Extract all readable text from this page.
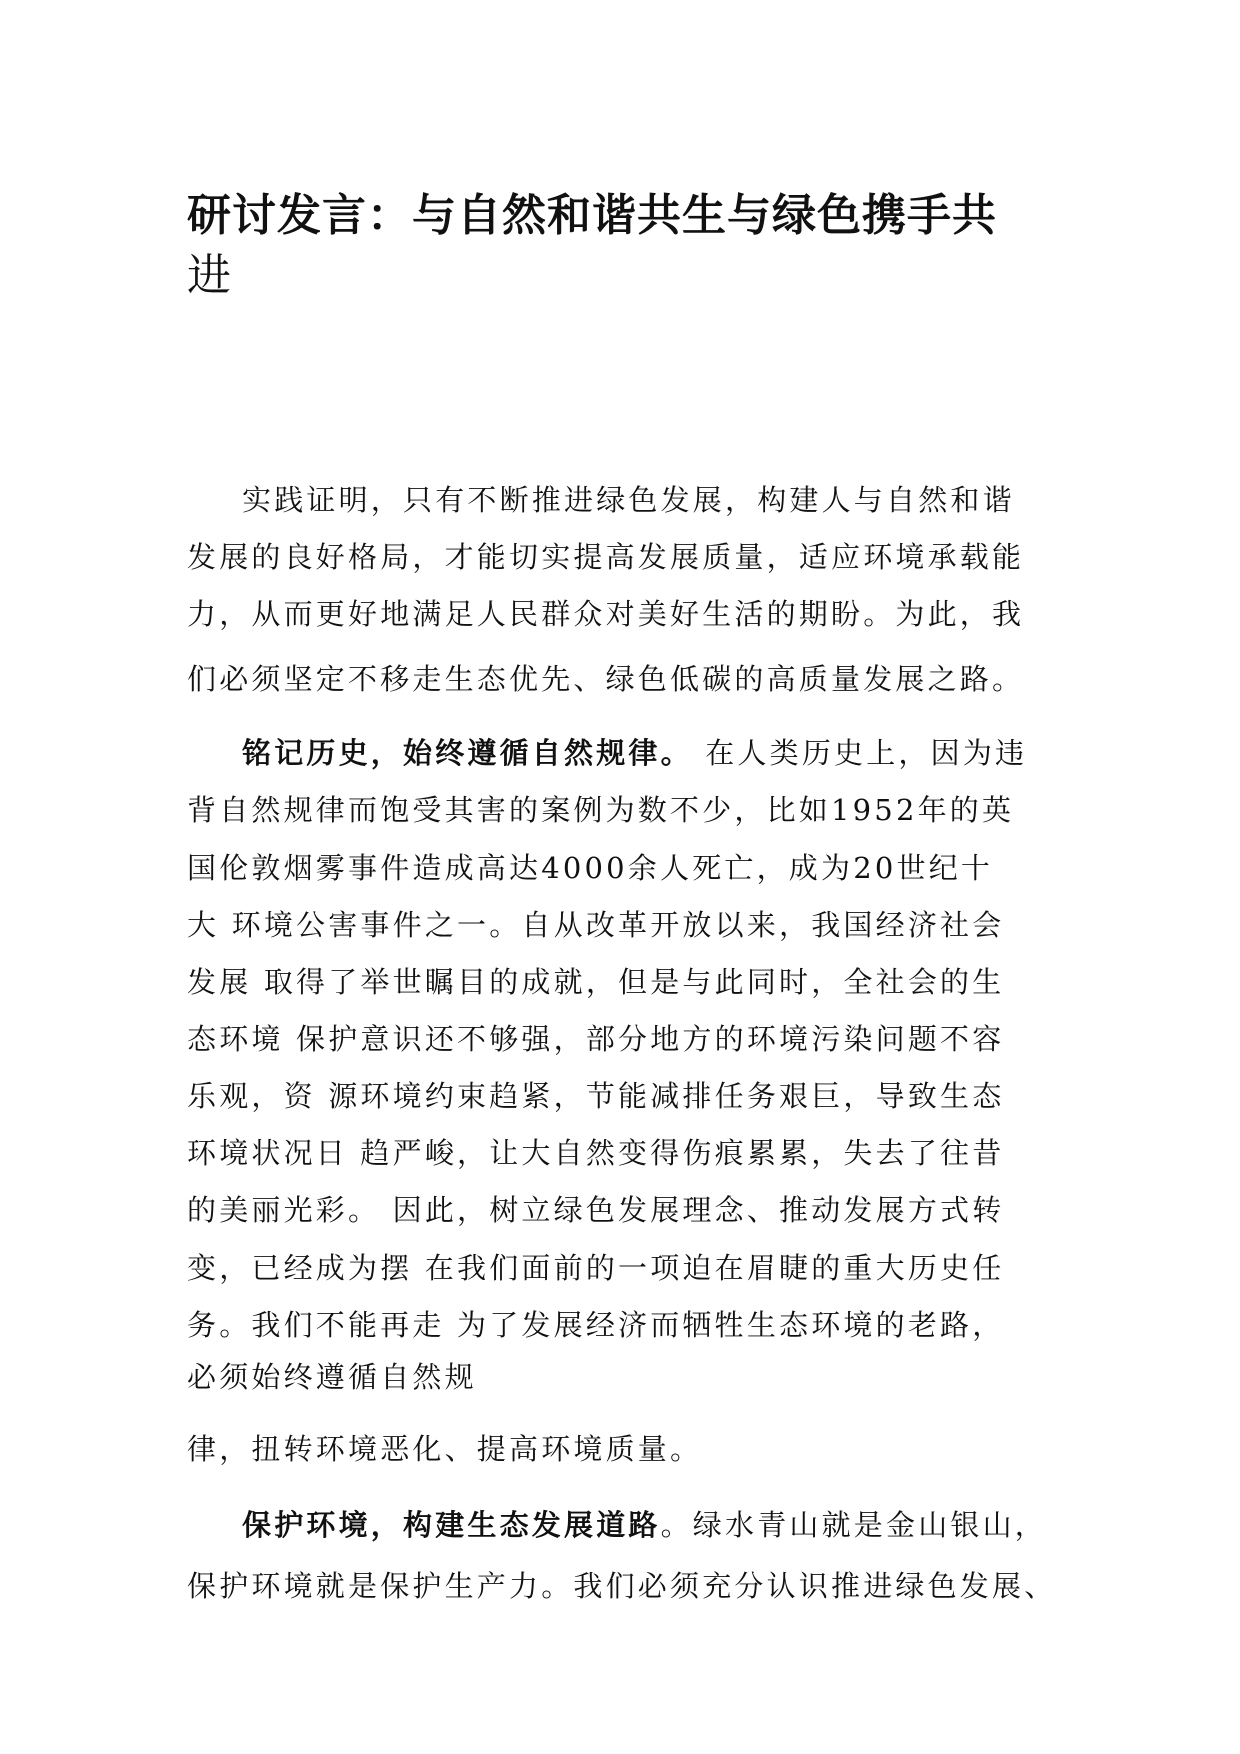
研讨发言：与自然和谐共生与绿色携手共
进
实践证明，只有不断推进绿色发展，构建人与自然和谐
发展的良好格局，才能切实提高发展质量，适应环境承载能
力，从而更好地满足人民群众对美好生活的期盼。为此，我
们必须坚定不移走生态优先、绿色低碳的高质量发展之路。
铭记历史，始终遵循自然规律。 在人类历史上，因为违
背自然规律而饱受其害的案例为数不少，比如1952年的英
国伦敦烟雾事件造成高达4000余人死亡，成为20世纪十
大 环境公害事件之一。自从改革开放以来，我国经济社会
发展 取得了举世瞩目的成就，但是与此同时，全社会的生
态环境 保护意识还不够强，部分地方的环境污染问题不容
乐观，资 源环境约束趋紧，节能减排任务艰巨，导致生态
环境状况日 趋严峻，让大自然变得伤痕累累，失去了往昔
的美丽光彩。 因此，树立绿色发展理念、推动发展方式转
变，已经成为摆 在我们面前的一项迫在眉睫的重大历史任
务。我们不能再走 为了发展经济而牺牲生态环境的老路，
必须始终遵循自然规
律，扭转环境恶化、提高环境质量。
保护环境，构建生态发展道路。绿水青山就是金山银山，
保护环境就是保护生产力。我们必须充分认识推进绿色发展、
